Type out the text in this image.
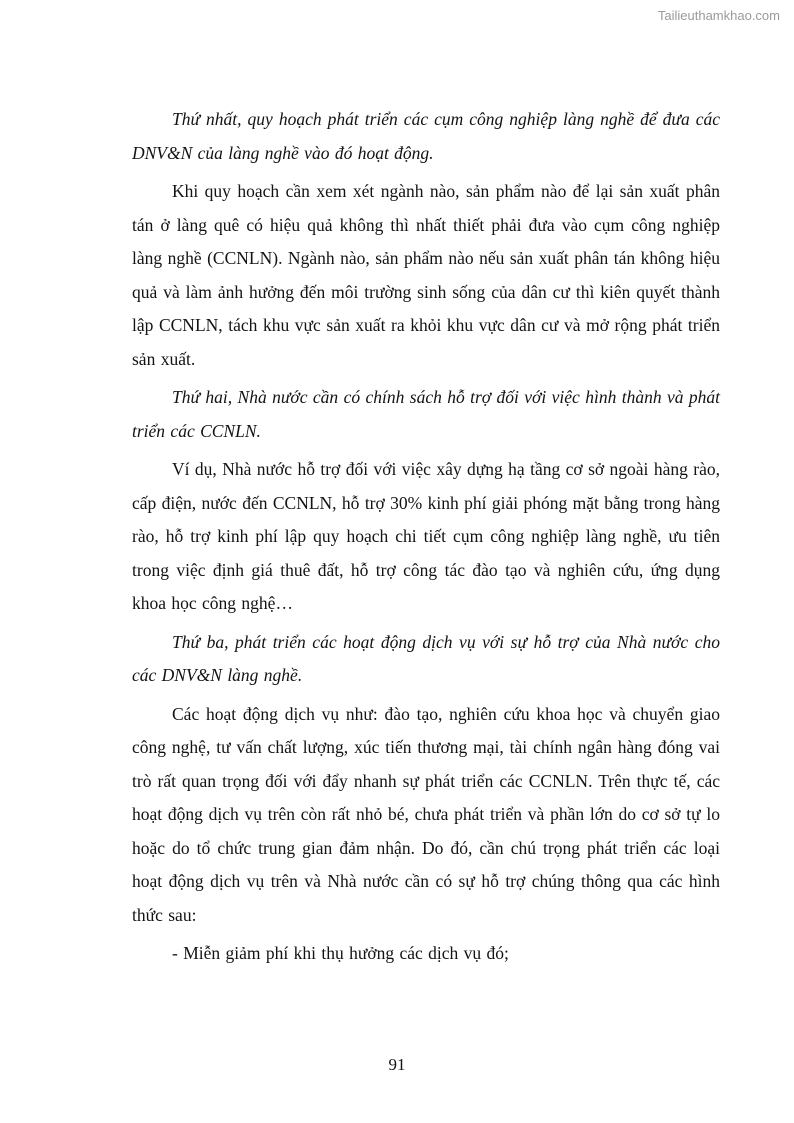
Tailieuthamkhao.com

Thứ nhất, quy hoạch phát triển các cụm công nghiệp làng nghề để đưa các DNV&N của làng nghề vào đó hoạt động.

Khi quy hoạch cần xem xét ngành nào, sản phẩm nào để lại sản xuất phân tán ở làng quê có hiệu quả không thì nhất thiết phải đưa vào cụm công nghiệp làng nghề (CCNLN). Ngành nào, sản phẩm nào nếu sản xuất phân tán không hiệu quả và làm ảnh hưởng đến môi trường sinh sống của dân cư thì kiên quyết thành lập CCNLN, tách khu vực sản xuất ra khỏi khu vực dân cư và mở rộng phát triển sản xuất.

Thứ hai, Nhà nước cần có chính sách hỗ trợ đối với việc hình thành và phát triển các CCNLN.

Ví dụ, Nhà nước hỗ trợ đối với việc xây dựng hạ tầng cơ sở ngoài hàng rào, cấp điện, nước đến CCNLN, hỗ trợ 30% kinh phí giải phóng mặt bằng trong hàng rào, hỗ trợ kinh phí lập quy hoạch chi tiết cụm công nghiệp làng nghề, ưu tiên trong việc định giá thuê đất, hỗ trợ công tác đào tạo và nghiên cứu, ứng dụng khoa học công nghệ…

Thứ ba, phát triển các hoạt động dịch vụ với sự hỗ trợ của Nhà nước cho các DNV&N làng nghề.

Các hoạt động dịch vụ như: đào tạo, nghiên cứu khoa học và chuyển giao công nghệ, tư vấn chất lượng, xúc tiến thương mại, tài chính ngân hàng đóng vai trò rất quan trọng đối với đẩy nhanh sự phát triển các CCNLN. Trên thực tế, các hoạt động dịch vụ trên còn rất nhỏ bé, chưa phát triển và phần lớn do cơ sở tự lo hoặc do tổ chức trung gian đảm nhận. Do đó, cần chú trọng phát triển các loại hoạt động dịch vụ trên và Nhà nước cần có sự hỗ trợ chúng thông qua các hình thức sau:

- Miễn giảm phí khi thụ hưởng các dịch vụ đó;

91
